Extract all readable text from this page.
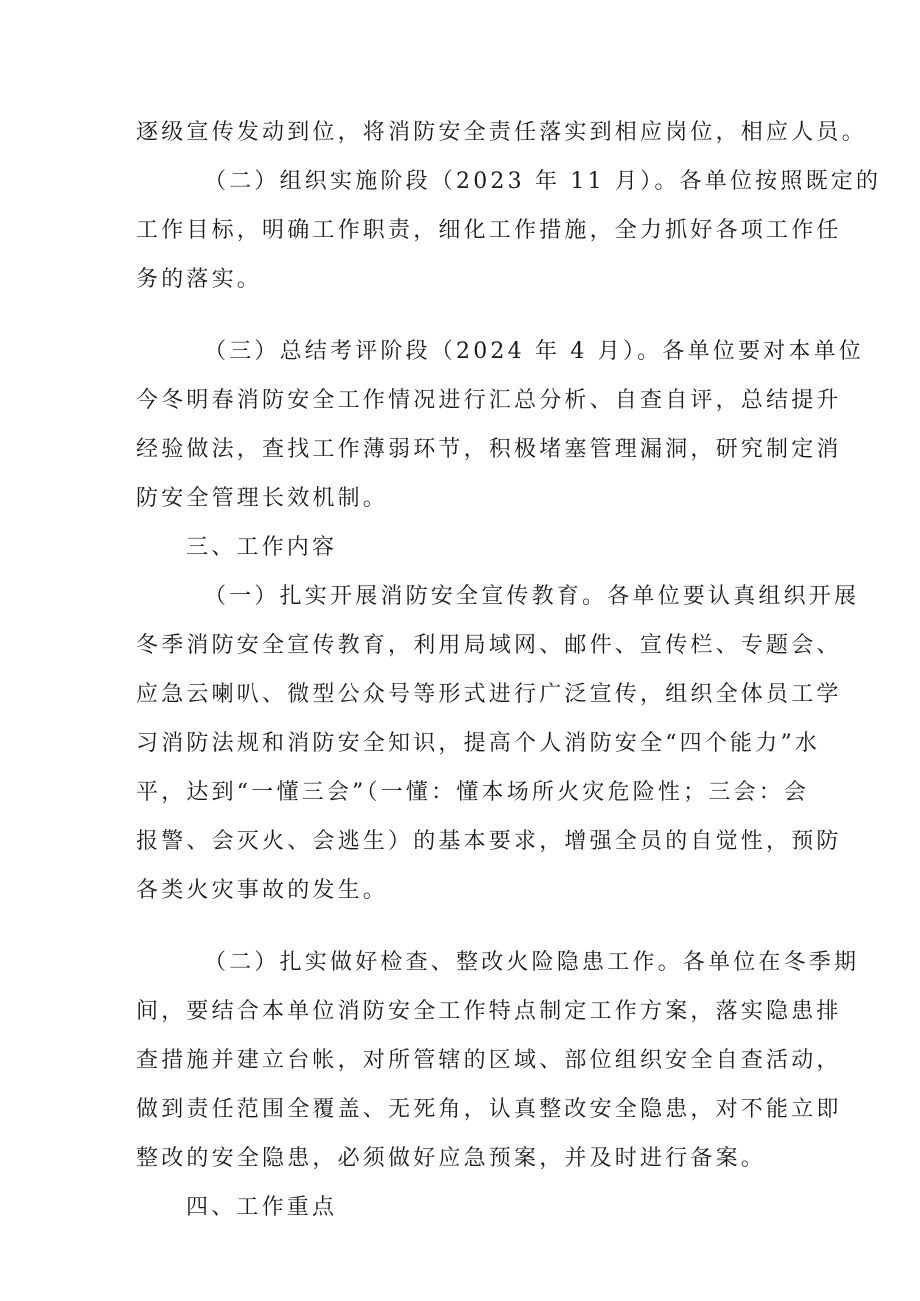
逐级宣传发动到位，将消防安全责任落实到相应岗位，相应人员。
（二）组织实施阶段（2023 年 11 月）。各单位按照既定的
工作目标，明确工作职责，细化工作措施，全力抓好各项工作任
务的落实。
（三）总结考评阶段（2024 年 4 月）。各单位要对本单位
今冬明春消防安全工作情况进行汇总分析、自查自评，总结提升
经验做法，查找工作薄弱环节，积极堵塞管理漏洞，研究制定消
防安全管理长效机制。
三、工作内容
（一）扎实开展消防安全宣传教育。各单位要认真组织开展
冬季消防安全宣传教育，利用局域网、邮件、宣传栏、专题会、
应急云喇叭、微型公众号等形式进行广泛宣传，组织全体员工学
习消防法规和消防安全知识，提高个人消防安全“四个能力”水
平，达到“一懂三会”（一懂：懂本场所火灾危险性；三会：会
报警、会灭火、会逃生）的基本要求，增强全员的自觉性，预防
各类火灾事故的发生。
（二）扎实做好检查、整改火险隐患工作。各单位在冬季期
间，要结合本单位消防安全工作特点制定工作方案，落实隐患排
查措施并建立台帐，对所管辖的区域、部位组织安全自查活动，
做到责任范围全覆盖、无死角，认真整改安全隐患，对不能立即
整改的安全隐患，必须做好应急预案，并及时进行备案。
四、工作重点
